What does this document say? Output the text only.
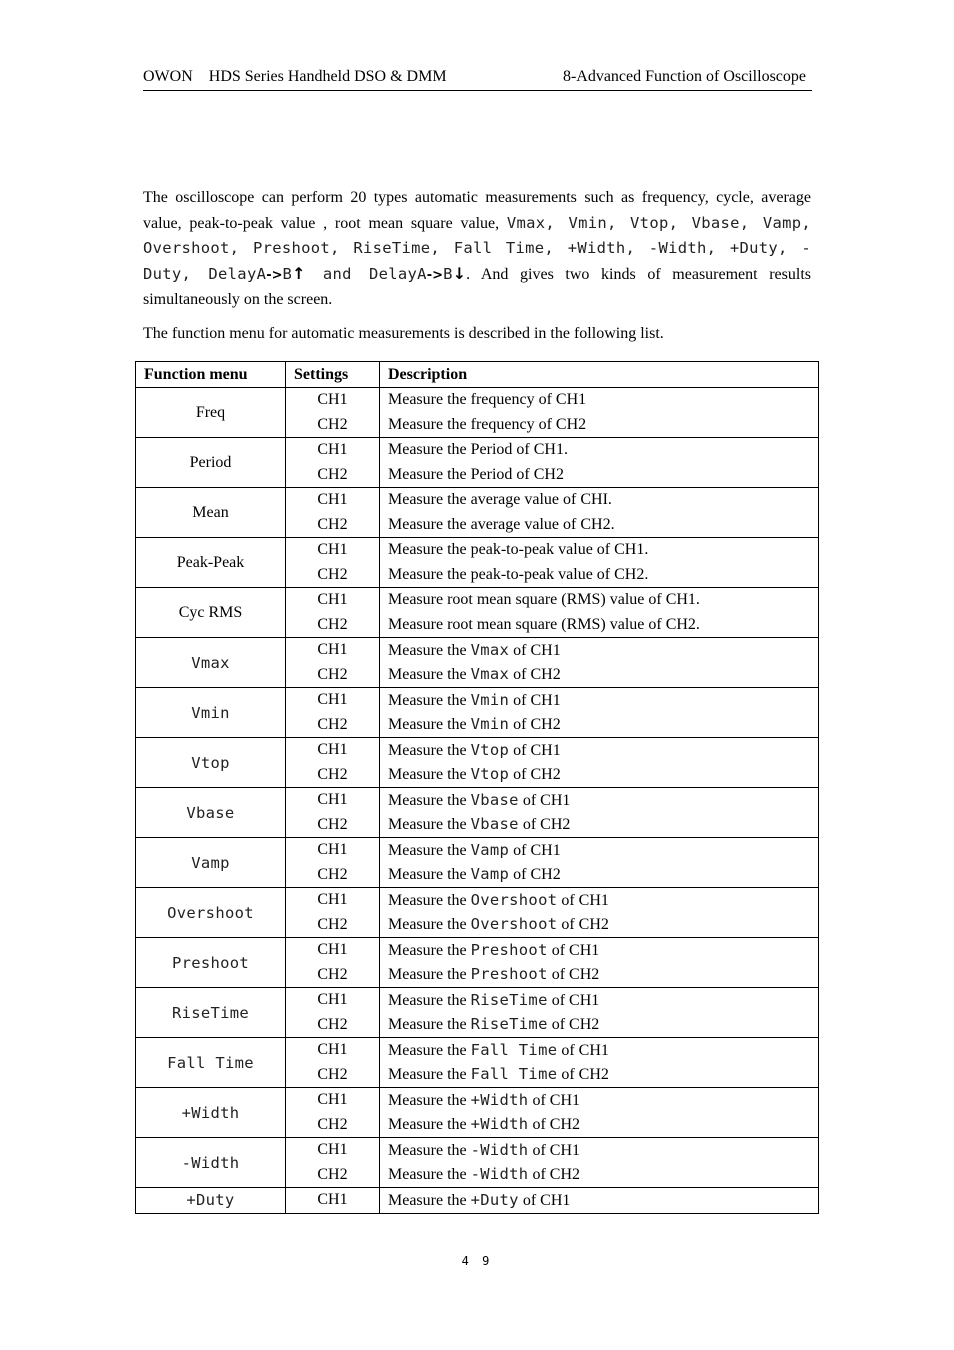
OWON    HDS Series Handheld DSO & DMM	8-Advanced Function of Oscilloscope
The oscilloscope can perform 20 types automatic measurements such as frequency, cycle, average value, peak-to-peak value , root mean square value, Vmax, Vmin, Vtop, Vbase, Vamp, Overshoot, Preshoot, RiseTime, Fall Time, +Width, -Width, +Duty, -Duty, DelayA->B↑ and DelayA->B↓. And gives two kinds of measurement results simultaneously on the screen.
The function menu for automatic measurements is described in the following list.
Function menu	Settings	Description
Freq	CH1	Measure the frequency of CH1
	CH2	Measure the frequency of CH2
Period	CH1	Measure the Period of CH1.
	CH2	Measure the Period of CH2
Mean	CH1	Measure the average value of CHI.
	CH2	Measure the average value of CH2.
Peak-Peak	CH1	Measure the peak-to-peak value of CH1.
	CH2	Measure the peak-to-peak value of CH2.
Cyc RMS	CH1	Measure root mean square (RMS) value of CH1.
	CH2	Measure root mean square (RMS) value of CH2.
Vmax	CH1	Measure the Vmax of CH1
	CH2	Measure the Vmax of CH2
Vmin	CH1	Measure the Vmin of CH1
	CH2	Measure the Vmin of CH2
Vtop	CH1	Measure the Vtop of CH1
	CH2	Measure the Vtop of CH2
Vbase	CH1	Measure the Vbase of CH1
	CH2	Measure the Vbase of CH2
Vamp	CH1	Measure the Vamp of CH1
	CH2	Measure the Vamp of CH2
Overshoot	CH1	Measure the Overshoot of CH1
	CH2	Measure the Overshoot of CH2
Preshoot	CH1	Measure the Preshoot of CH1
	CH2	Measure the Preshoot of CH2
RiseTime	CH1	Measure the RiseTime of CH1
	CH2	Measure the RiseTime of CH2
Fall Time	CH1	Measure the Fall Time of CH1
	CH2	Measure the Fall Time of CH2
+Width	CH1	Measure the +Width of CH1
	CH2	Measure the +Width of CH2
-Width	CH1	Measure the -Width of CH1
	CH2	Measure the -Width of CH2
+Duty	CH1	Measure the +Duty of CH1
4 9
